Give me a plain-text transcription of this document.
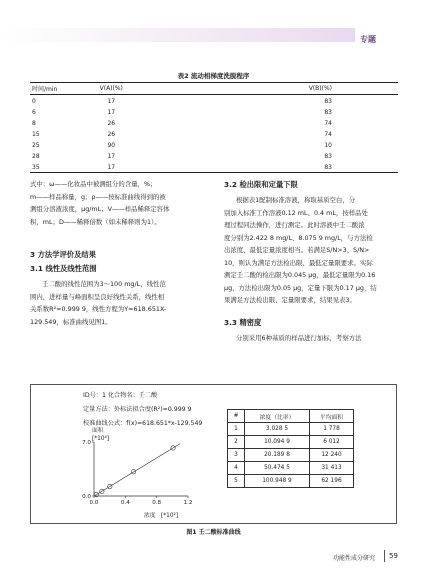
专题
表2 流动相梯度洗脱程序
时间/min	V(A)(%)	V(B)(%)
0	17	83
6	17	83
8	26	74
15	26	74
25	90	10
28	17	83
35	17	83
式中：ω——化妆品中被测组分的含量，%；
m——样品称量，g；ρ——按标准曲线得到的被
测组分溶液浓度，μg/mL；V——样品稀释定容体
积，mL；D——稀释倍数（如未稀释则为1）。
3 方法学评价及结果
3.1 线性及线性范围
壬二酸的线性范围为3～100 mg/L，线性范
围内，进样量与峰面积呈良好线性关系，线性相
关系数R²=0.999 9，线性方程为Y=618.651X-
129.549，标准曲线见图1。
3.2 检出限和定量下限
根据表1配制标准溶液，称取基质空白，分
别加入标准工作溶液0.12 mL、0.4 mL，按样品处
理过程同法操作，进行测定。此时溶液中壬二酸浓
度分别为2.422 8 mg/L、8.075 9 mg/L，与方法检
出浓度、最低定量浓度相当。若满足S/N>3、S/N>
10，则认为满足方法检出限、最低定量限要求。实际
测定壬二酸的检出限为0.045 μg，最低定量限为0.16
μg，方法检出限为0.05 μg，定量下限为0.17 μg，结
果满足方法检出限、定量限要求，结果见表3。
3.3 精密度
分别采用6种基质的样品进行加标，考察方法
ID号：1 化合物名：壬二酸
定量方法：外标法拟合度(R²)=0.999 9
校准曲线公式：f(x)=618.651*x-129.549
面积
[*10⁴]
0.0	0.4	0.8	1.2
0.0
7.0
浓度 [*10²]
#	浓度（比率）	平均面积
1	3.028 5	1 778
2	10.094 9	6 012
3	20.189 8	12 240
4	50.474 5	31 413
5	100.948 9	62 196
图1 壬二酸标准曲线
功能性成分研究 59
